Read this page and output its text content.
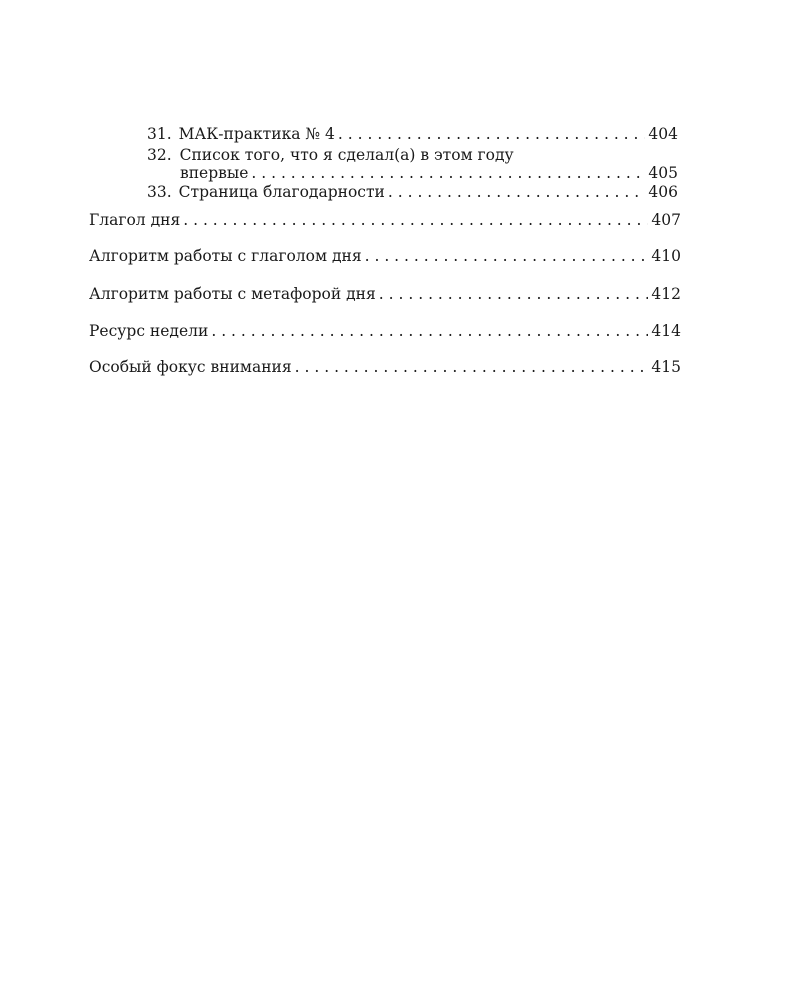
31. МАК-практика № 4 . . .	404
32. Список того, что я сделал(а) в этом году
впервые . . .	405
33. Страница благодарности . . .	406
Глагол дня . . .	407
Алгоритм работы с глаголом дня . . .	410
Алгоритм работы с метафорой дня . . .	412
Ресурс недели . . .	414
Особый фокус внимания . . .	415
